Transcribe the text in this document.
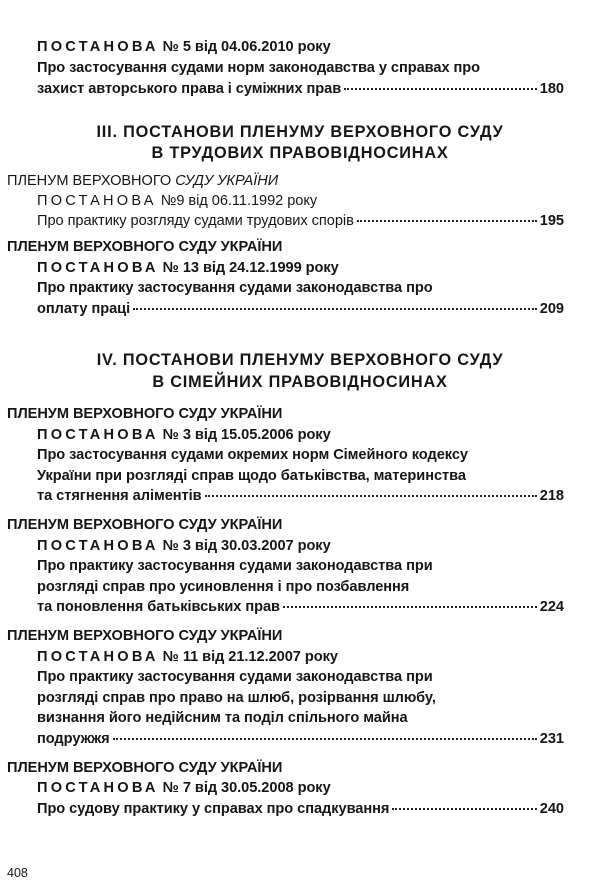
ПОСТАНОВА № 5 від 04.06.2010 року
Про застосування судами норм законодавства у справах про
захист авторського права і суміжних прав	180
ІІІ. ПОСТАНОВИ ПЛЕНУМУ ВЕРХОВНОГО СУДУ
В ТРУДОВИХ ПРАВОВІДНОСИНАХ
ПЛЕНУМ ВЕРХОВНОГО СУДУ УКРАЇНИ
ПОСТАНОВА №9 від 06.11.1992 року
Про практику розгляду судами трудових спорів	195
ПЛЕНУМ ВЕРХОВНОГО СУДУ УКРАЇНИ
ПОСТАНОВА № 13 від 24.12.1999 року
Про практику застосування судами законодавства про
оплату праці	209
IV. ПОСТАНОВИ ПЛЕНУМУ ВЕРХОВНОГО СУДУ
В СІМЕЙНИХ ПРАВОВІДНОСИНАХ
ПЛЕНУМ ВЕРХОВНОГО СУДУ УКРАЇНИ
ПОСТАНОВА № 3 від 15.05.2006 року
Про застосування судами окремих норм Сімейного кодексу
України при розгляді справ щодо батьківства, материнства
та стягнення аліментів	218
ПЛЕНУМ ВЕРХОВНОГО СУДУ УКРАЇНИ
ПОСТАНОВА № 3 від 30.03.2007 року
Про практику застосування судами законодавства при
розгляді справ про усиновлення і про позбавлення
та поновлення батьківських прав	224
ПЛЕНУМ ВЕРХОВНОГО СУДУ УКРАЇНИ
ПОСТАНОВА № 11 від 21.12.2007 року
Про практику застосування судами законодавства при
розгляді справ про право на шлюб, розірвання шлюбу,
визнання його недійсним та поділ спільного майна
подружжя	231
ПЛЕНУМ ВЕРХОВНОГО СУДУ УКРАЇНИ
ПОСТАНОВА № 7 від 30.05.2008 року
Про судову практику у справах про спадкування	240
408
